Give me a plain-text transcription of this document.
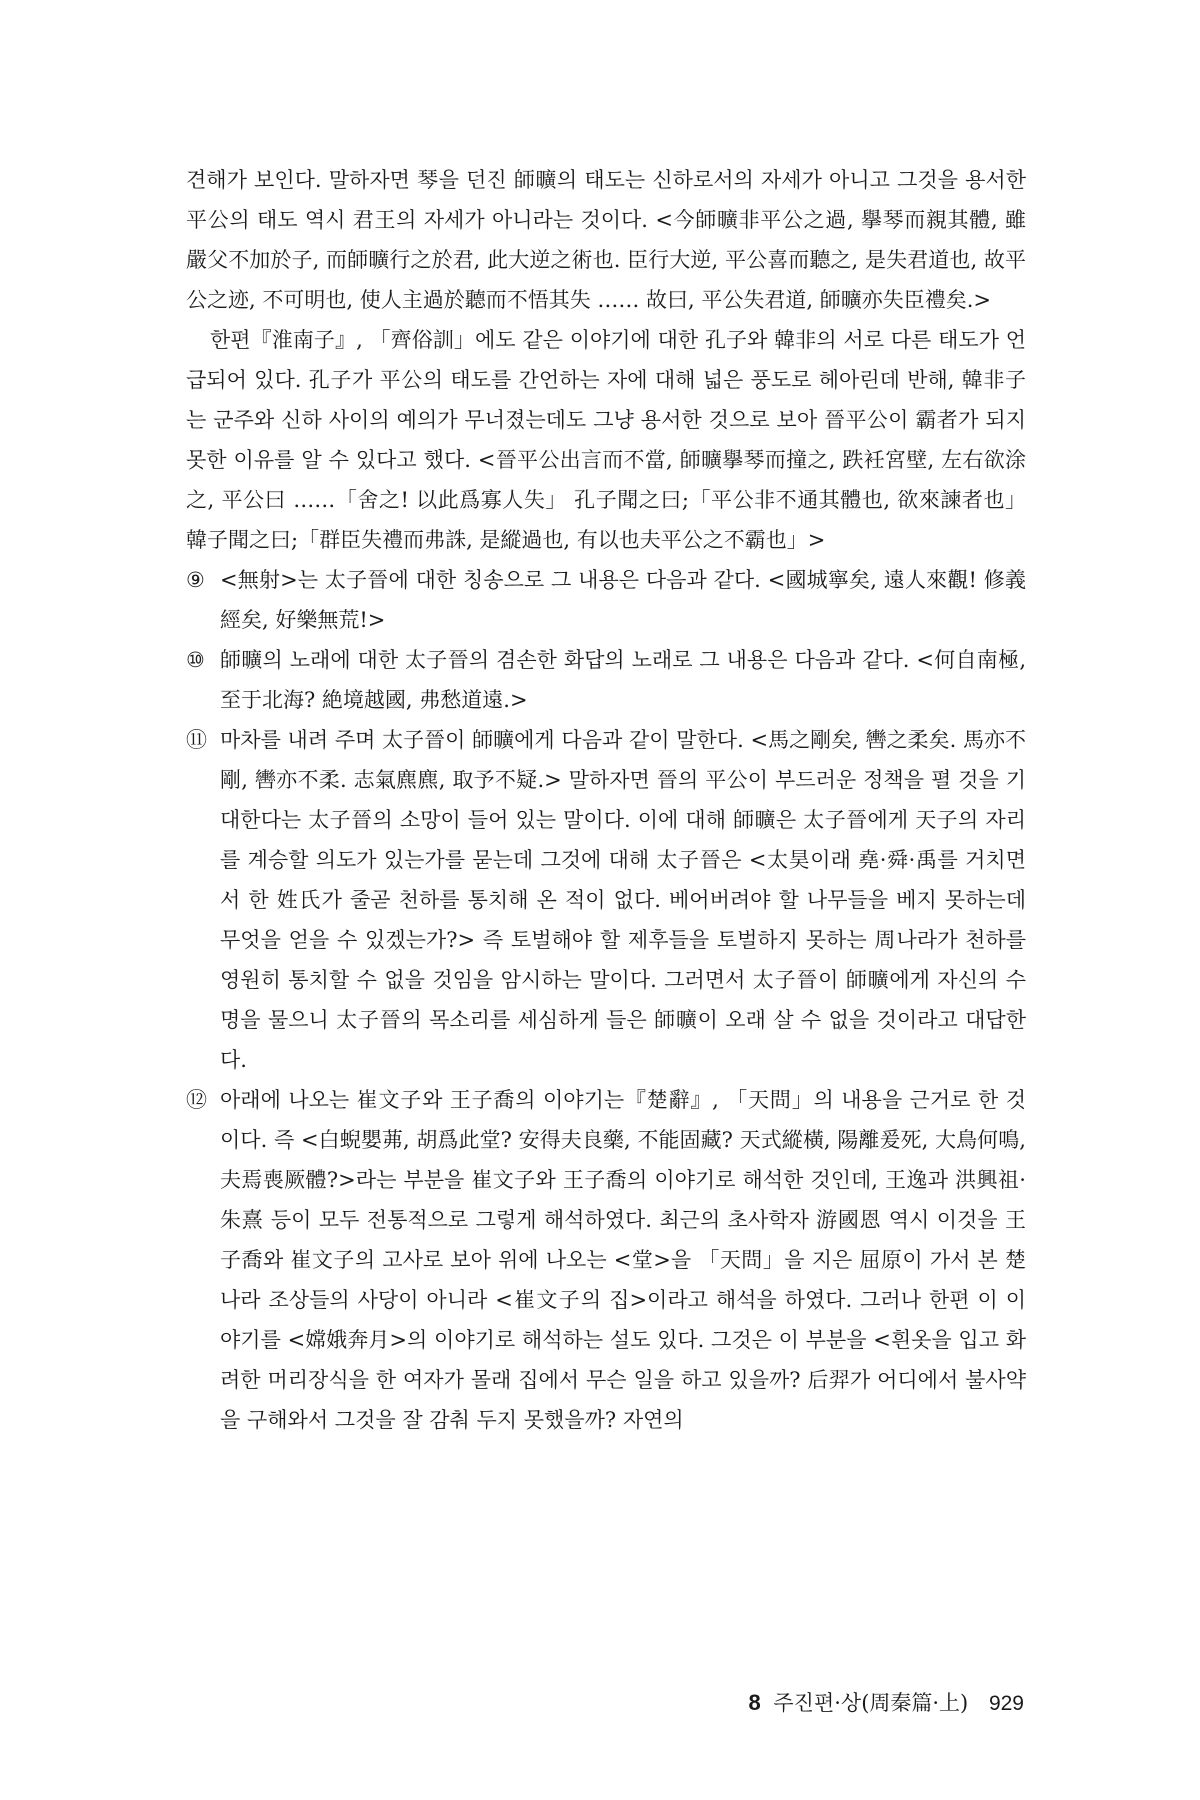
견해가 보인다. 말하자면 琴을 던진 師曠의 태도는 신하로서의 자세가 아니고 그것을 용서한 平公의 태도 역시 君王의 자세가 아니라는 것이다. <今師曠非平公之過, 擧琴而親其體, 雖嚴父不加於子, 而師曠行之於君, 此大逆之術也. 臣行大逆, 平公喜而聽之, 是失君道也, 故平公之迹, 不可明也, 使人主過於聽而不悟其失 …… 故曰, 平公失君道, 師曠亦失臣禮矣.>

한편『淮南子』, 「齊俗訓」에도 같은 이야기에 대한 孔子와 韓非의 서로 다른 태도가 언급되어 있다. 孔子가 平公의 태도를 간언하는 자에 대해 넓은 풍도로 헤아린데 반해, 韓非子는 군주와 신하 사이의 예의가 무너졌는데도 그냥 용서한 것으로 보아 晉平公이 霸者가 되지 못한 이유를 알 수 있다고 했다. <晉平公出言而不當, 師曠擧琴而撞之, 跌衽宮壁, 左右欲涂之, 平公曰 ……「舍之! 以此爲寡人失」 孔子聞之曰;「平公非不通其體也, 欲來諫者也」 韓子聞之曰;「群臣失禮而弗誅, 是縱過也, 有以也夫平公之不霸也」>

⑨ <無射>는 太子晉에 대한 칭송으로 그 내용은 다음과 같다. <國城寧矣, 遠人來觀! 修義經矣, 好樂無荒!>
⑩ 師曠의 노래에 대한 太子晉의 겸손한 화답의 노래로 그 내용은 다음과 같다. <何自南極, 至于北海? 絶境越國, 弗愁道遠.>
⑪ 마차를 내려 주며 太子晉이 師曠에게 다음과 같이 말한다. <馬之剛矣, 轡之柔矣. 馬亦不剛, 轡亦不柔. 志氣麃麃, 取予不疑.> 말하자면 晉의 平公이 부드러운 정책을 펼 것을 기대한다는 太子晉의 소망이 들어 있는 말이다. 이에 대해 師曠은 太子晉에게 天子의 자리를 계승할 의도가 있는가를 묻는데 그것에 대해 太子晉은 <太昊이래 堯·舜·禹를 거치면서 한 姓氏가 줄곧 천하를 통치해 온 적이 없다. 베어버려야 할 나무들을 베지 못하는데 무엇을 얻을 수 있겠는가?> 즉 토벌해야 할 제후들을 토벌하지 못하는 周나라가 천하를 영원히 통치할 수 없을 것임을 암시하는 말이다. 그러면서 太子晉이 師曠에게 자신의 수명을 물으니 太子晉의 목소리를 세심하게 들은 師曠이 오래 살 수 없을 것이라고 대답한다.
⑫ 아래에 나오는 崔文子와 王子喬의 이야기는『楚辭』, 「天問」의 내용을 근거로 한 것이다. 즉 <白蜺嬰茀, 胡爲此堂? 安得夫良藥, 不能固藏? 天式縱橫, 陽離爰死, 大鳥何鳴, 夫焉喪厥體?>라는 부분을 崔文子와 王子喬의 이야기로 해석한 것인데, 王逸과 洪興祖·朱熹 등이 모두 전통적으로 그렇게 해석하였다. 최근의 초사학자 游國恩 역시 이것을 王子喬와 崔文子의 고사로 보아 위에 나오는 <堂>을 「天問」을 지은 屈原이 가서 본 楚나라 조상들의 사당이 아니라 <崔文子의 집>이라고 해석을 하였다. 그러나 한편 이 이야기를 <嫦娥奔月>의 이야기로 해석하는 설도 있다. 그것은 이 부분을 <흰옷을 입고 화려한 머리장식을 한 여자가 몰래 집에서 무슨 일을 하고 있을까? 后羿가 어디에서 불사약을 구해와서 그것을 잘 감춰 두지 못했을까? 자연의
8 주진편·상(周秦篇·上) 929
